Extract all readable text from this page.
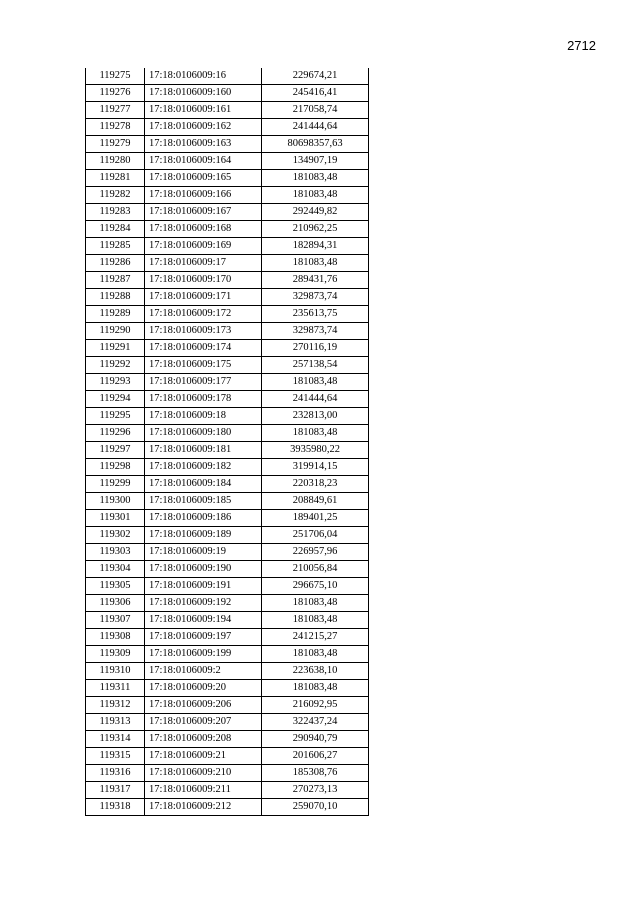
2712
119275	17:18:0106009:16	229674,21
119276	17:18:0106009:160	245416,41
119277	17:18:0106009:161	217058,74
119278	17:18:0106009:162	241444,64
119279	17:18:0106009:163	80698357,63
119280	17:18:0106009:164	134907,19
119281	17:18:0106009:165	181083,48
119282	17:18:0106009:166	181083,48
119283	17:18:0106009:167	292449,82
119284	17:18:0106009:168	210962,25
119285	17:18:0106009:169	182894,31
119286	17:18:0106009:17	181083,48
119287	17:18:0106009:170	289431,76
119288	17:18:0106009:171	329873,74
119289	17:18:0106009:172	235613,75
119290	17:18:0106009:173	329873,74
119291	17:18:0106009:174	270116,19
119292	17:18:0106009:175	257138,54
119293	17:18:0106009:177	181083,48
119294	17:18:0106009:178	241444,64
119295	17:18:0106009:18	232813,00
119296	17:18:0106009:180	181083,48
119297	17:18:0106009:181	3935980,22
119298	17:18:0106009:182	319914,15
119299	17:18:0106009:184	220318,23
119300	17:18:0106009:185	208849,61
119301	17:18:0106009:186	189401,25
119302	17:18:0106009:189	251706,04
119303	17:18:0106009:19	226957,96
119304	17:18:0106009:190	210056,84
119305	17:18:0106009:191	296675,10
119306	17:18:0106009:192	181083,48
119307	17:18:0106009:194	181083,48
119308	17:18:0106009:197	241215,27
119309	17:18:0106009:199	181083,48
119310	17:18:0106009:2	223638,10
119311	17:18:0106009:20	181083,48
119312	17:18:0106009:206	216092,95
119313	17:18:0106009:207	322437,24
119314	17:18:0106009:208	290940,79
119315	17:18:0106009:21	201606,27
119316	17:18:0106009:210	185308,76
119317	17:18:0106009:211	270273,13
119318	17:18:0106009:212	259070,10
